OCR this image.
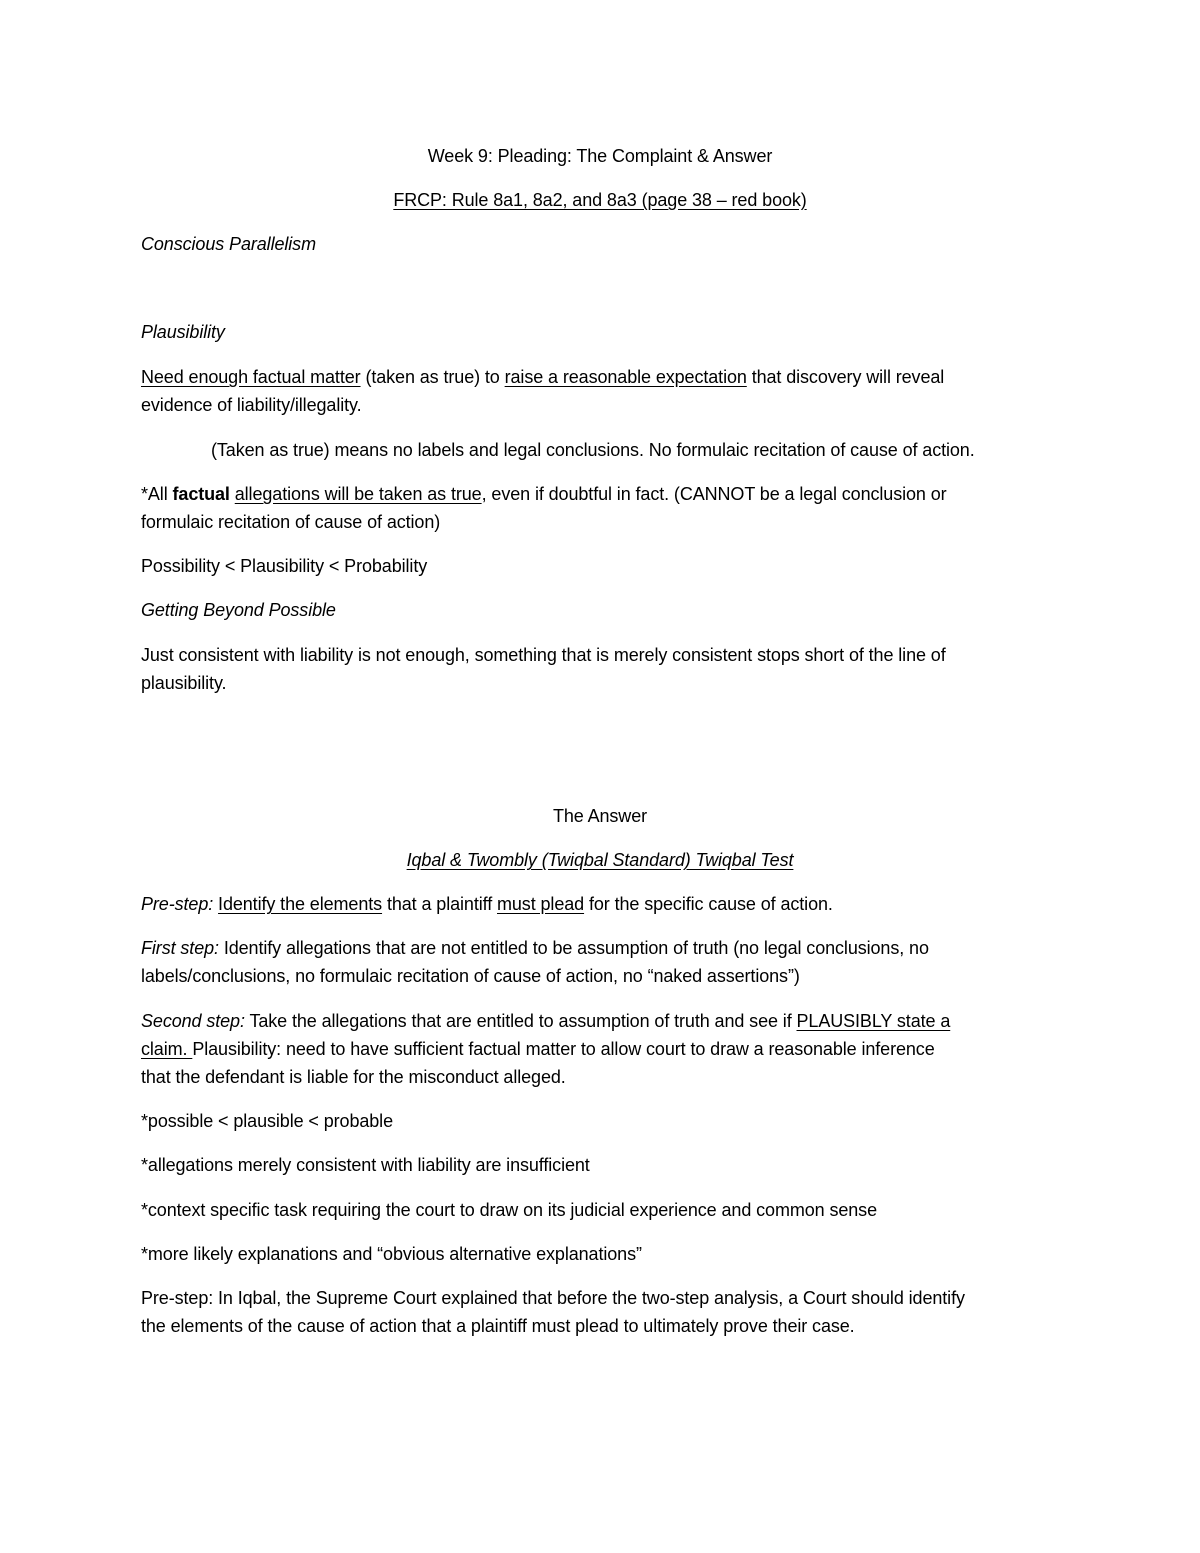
Week 9: Pleading: The Complaint & Answer
FRCP: Rule 8a1, 8a2, and 8a3 (page 38 – red book)
Conscious Parallelism
Plausibility
Need enough factual matter (taken as true) to raise a reasonable expectation that discovery will reveal
evidence of liability/illegality.
(Taken as true) means no labels and legal conclusions. No formulaic recitation of cause of action.
*All factual allegations will be taken as true, even if doubtful in fact. (CANNOT be a legal conclusion or
formulaic recitation of cause of action)
Possibility < Plausibility < Probability
Getting Beyond Possible
Just consistent with liability is not enough, something that is merely consistent stops short of the line of
plausibility.
The Answer
Iqbal & Twombly (Twiqbal Standard) Twiqbal Test
Pre-step: Identify the elements that a plaintiff must plead for the specific cause of action.
First step: Identify allegations that are not entitled to be assumption of truth (no legal conclusions, no
labels/conclusions, no formulaic recitation of cause of action, no “naked assertions”)
Second step: Take the allegations that are entitled to assumption of truth and see if PLAUSIBLY state a
claim. Plausibility: need to have sufficient factual matter to allow court to draw a reasonable inference
that the defendant is liable for the misconduct alleged.
*possible < plausible < probable
*allegations merely consistent with liability are insufficient
*context specific task requiring the court to draw on its judicial experience and common sense
*more likely explanations and “obvious alternative explanations”
Pre-step: In Iqbal, the Supreme Court explained that before the two-step analysis, a Court should identify
the elements of the cause of action that a plaintiff must plead to ultimately prove their case.
